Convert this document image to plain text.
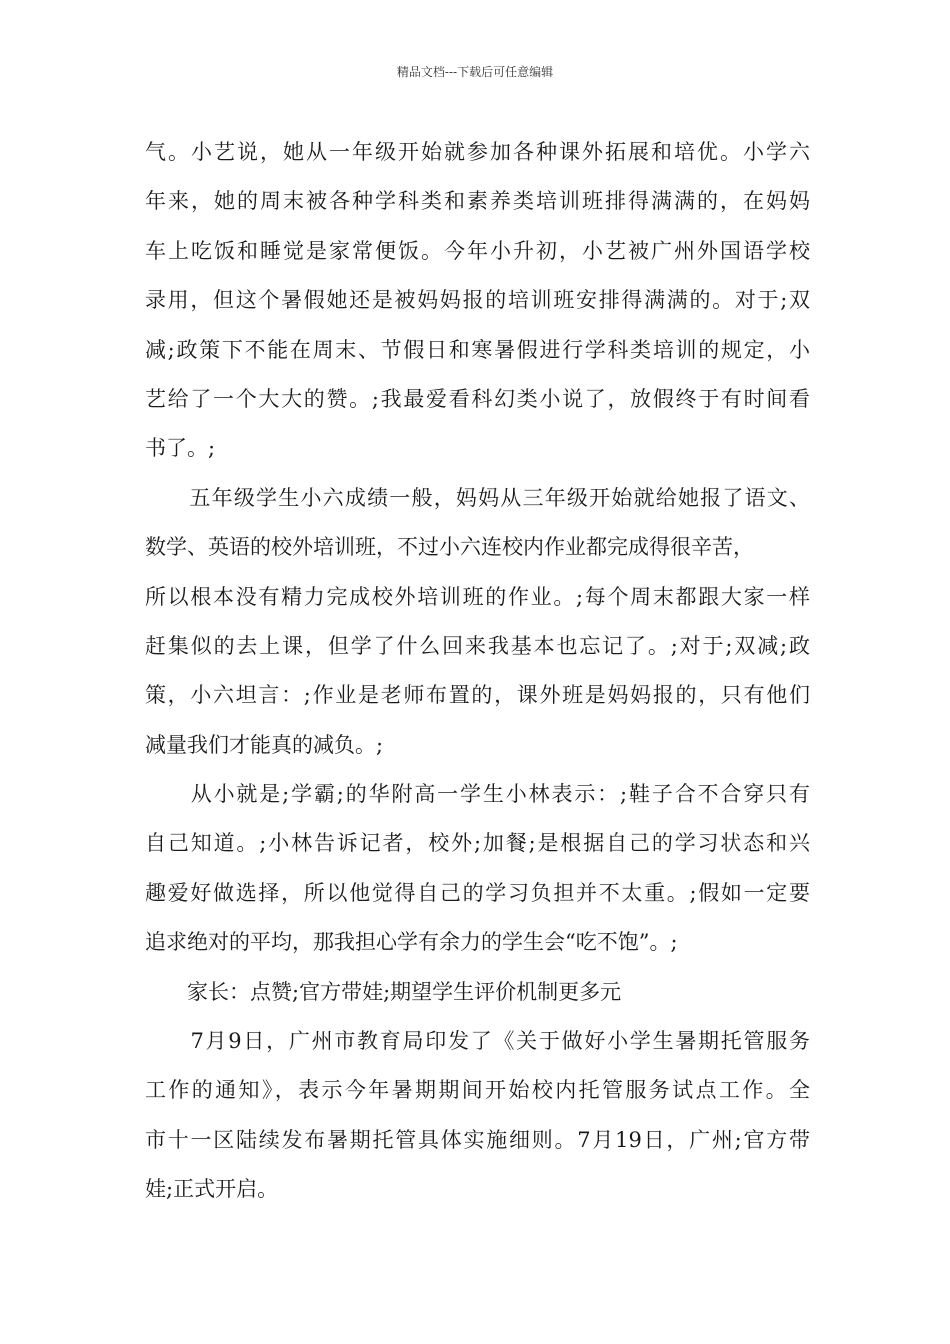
精品文档---下载后可任意编辑
气。小艺说，她从一年级开始就参加各种课外拓展和培优。小学六
年来，她的周末被各种学科类和素养类培训班排得满满的，在妈妈
车上吃饭和睡觉是家常便饭。今年小升初，小艺被广州外国语学校
录用，但这个暑假她还是被妈妈报的培训班安排得满满的。对于;双
减;政策下不能在周末、节假日和寒暑假进行学科类培训的规定，小
艺给了一个大大的赞。;我最爱看科幻类小说了，放假终于有时间看
书了。;
　　五年级学生小六成绩一般，妈妈从三年级开始就给她报了语文、
数学、英语的校外培训班，不过小六连校内作业都完成得很辛苦，
所以根本没有精力完成校外培训班的作业。;每个周末都跟大家一样
赶集似的去上课，但学了什么回来我基本也忘记了。;对于;双减;政
策，小六坦言：;作业是老师布置的，课外班是妈妈报的，只有他们
减量我们才能真的减负。;
　　从小就是;学霸;的华附高一学生小林表示：;鞋子合不合穿只有
自己知道。;小林告诉记者，校外;加餐;是根据自己的学习状态和兴
趣爱好做选择，所以他觉得自己的学习负担并不太重。;假如一定要
追求绝对的平均，那我担心学有余力的学生会“吃不饱”。;
　　家长：点赞;官方带娃;期望学生评价机制更多元
　　7月9日，广州市教育局印发了《关于做好小学生暑期托管服务
工作的通知》，表示今年暑期期间开始校内托管服务试点工作。全
市十一区陆续发布暑期托管具体实施细则。7月19日，广州;官方带
娃;正式开启。
